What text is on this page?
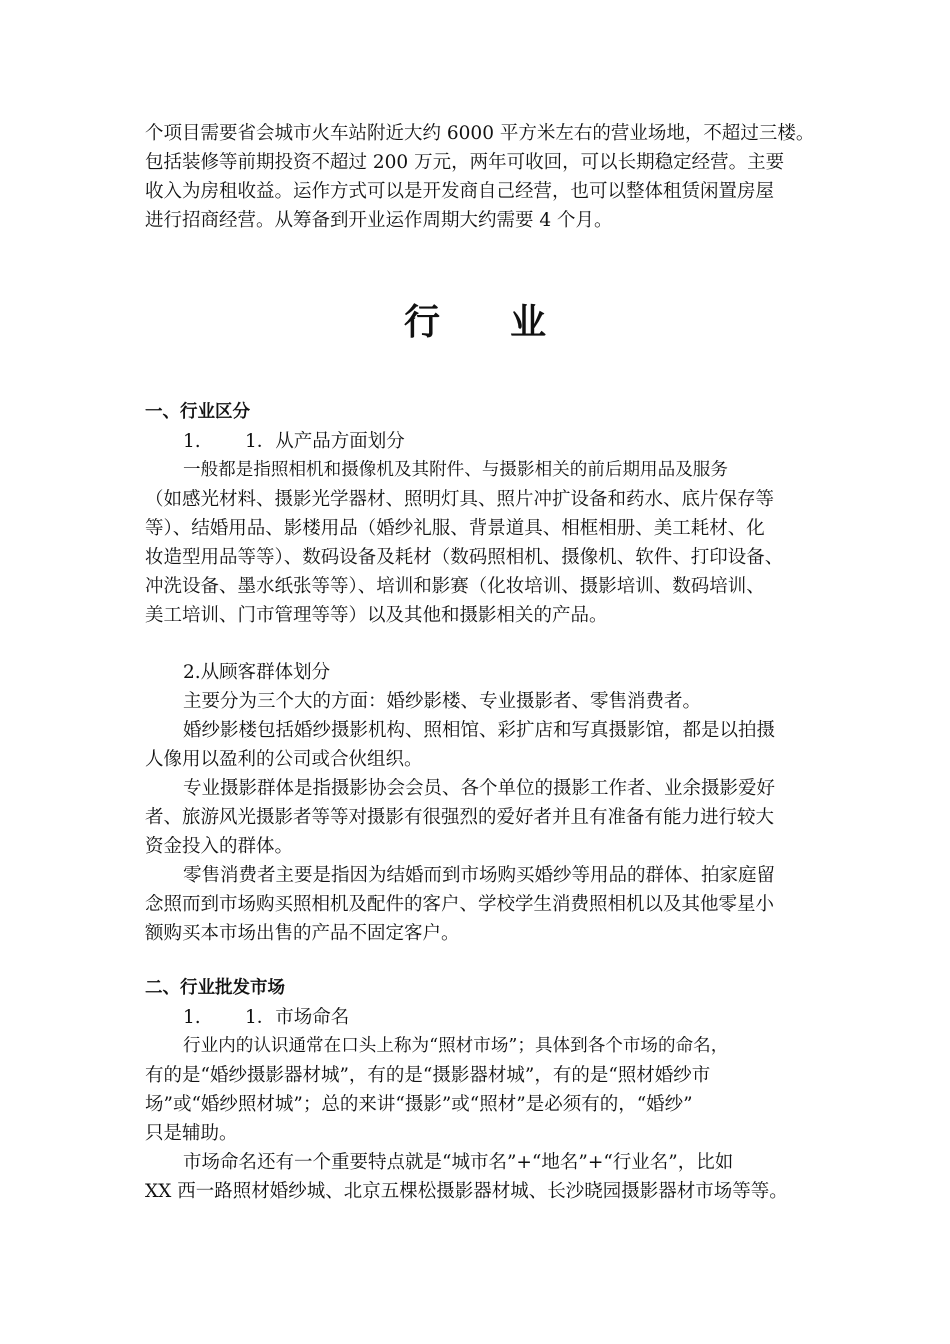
个项目需要省会城市火车站附近大约 6000 平方米左右的营业场地，不超过三楼。
包括装修等前期投资不超过 200 万元，两年可收回，可以长期稳定经营。主要
收入为房租收益。运作方式可以是开发商自己经营，也可以整体租赁闲置房屋
进行招商经营。从筹备到开业运作周期大约需要 4 个月。
行 业
一、行业区分
1. 1．从产品方面划分
一般都是指照相机和摄像机及其附件、与摄影相关的前后期用品及服务
（如感光材料、摄影光学器材、照明灯具、照片冲扩设备和药水、底片保存等
等）、结婚用品、影楼用品（婚纱礼服、背景道具、相框相册、美工耗材、化
妆造型用品等等）、数码设备及耗材（数码照相机、摄像机、软件、打印设备、
冲洗设备、墨水纸张等等）、培训和影赛（化妆培训、摄影培训、数码培训、
美工培训、门市管理等等）以及其他和摄影相关的产品。
2.从顾客群体划分
主要分为三个大的方面：婚纱影楼、专业摄影者、零售消费者。
婚纱影楼包括婚纱摄影机构、照相馆、彩扩店和写真摄影馆，都是以拍摄
人像用以盈利的公司或合伙组织。
专业摄影群体是指摄影协会会员、各个单位的摄影工作者、业余摄影爱好
者、旅游风光摄影者等等对摄影有很强烈的爱好者并且有准备有能力进行较大
资金投入的群体。
零售消费者主要是指因为结婚而到市场购买婚纱等用品的群体、拍家庭留
念照而到市场购买照相机及配件的客户、学校学生消费照相机以及其他零星小
额购买本市场出售的产品不固定客户。
二、行业批发市场
1. 1．市场命名
行业内的认识通常在口头上称为“照材市场”；具体到各个市场的命名，
有的是“婚纱摄影器材城”，有的是“摄影器材城”，有的是“照材婚纱市
场”或“婚纱照材城”；总的来讲“摄影”或“照材”是必须有的，“婚纱”
只是辅助。
市场命名还有一个重要特点就是“城市名”+“地名”+“行业名”，比如
XX 西一路照材婚纱城、北京五棵松摄影器材城、长沙晓园摄影器材市场等等。
